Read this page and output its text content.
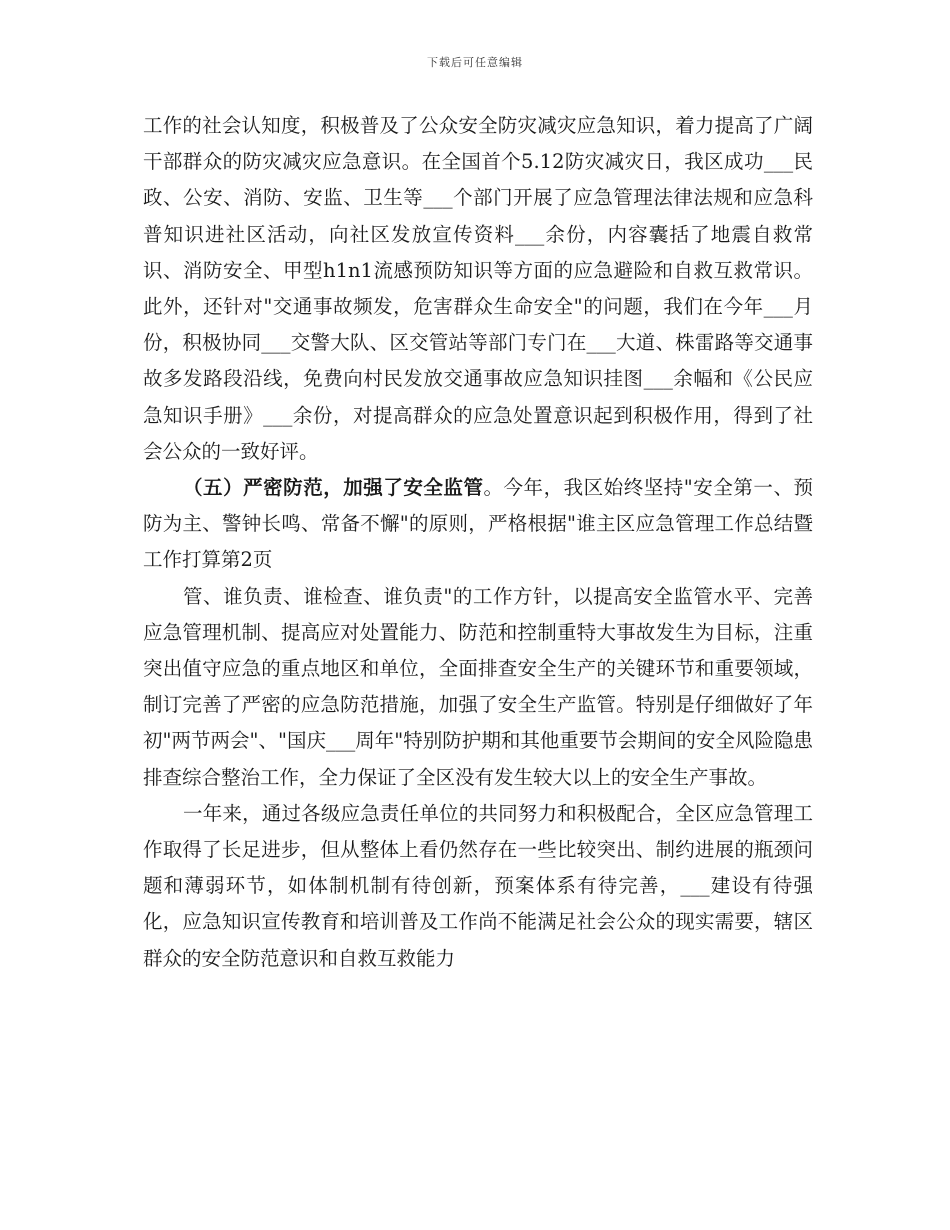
下载后可任意编辑

工作的社会认知度，积极普及了公众安全防灾减灾应急知识，着力提高了广阔干部群众的防灾减灾应急意识。在全国首个5.12防灾减灾日，我区成功___民政、公安、消防、安监、卫生等___个部门开展了应急管理法律法规和应急科普知识进社区活动，向社区发放宣传资料___余份，内容囊括了地震自救常识、消防安全、甲型h1n1流感预防知识等方面的应急避险和自救互救常识。此外，还针对"交通事故频发，危害群众生命安全"的问题，我们在今年___月份，积极协同___交警大队、区交管站等部门专门在___大道、株雷路等交通事故多发路段沿线，免费向村民发放交通事故应急知识挂图___余幅和《公民应急知识手册》___余份，对提高群众的应急处置意识起到积极作用，得到了社会公众的一致好评。

（五）严密防范，加强了安全监管。今年，我区始终坚持"安全第一、预防为主、警钟长鸣、常备不懈"的原则，严格根据"谁主区应急管理工作总结暨工作打算第2页

管、谁负责、谁检查、谁负责"的工作方针，以提高安全监管水平、完善应急管理机制、提高应对处置能力、防范和控制重特大事故发生为目标，注重突出值守应急的重点地区和单位，全面排查安全生产的关键环节和重要领域，制订完善了严密的应急防范措施，加强了安全生产监管。特别是仔细做好了年初"两节两会"、"国庆___周年"特别防护期和其他重要节会期间的安全风险隐患排查综合整治工作，全力保证了全区没有发生较大以上的安全生产事故。

一年来，通过各级应急责任单位的共同努力和积极配合，全区应急管理工作取得了长足进步，但从整体上看仍然存在一些比较突出、制约进展的瓶颈问题和薄弱环节，如体制机制有待创新，预案体系有待完善，___建设有待强化，应急知识宣传教育和培训普及工作尚不能满足社会公众的现实需要，辖区群众的安全防范意识和自救互救能力
